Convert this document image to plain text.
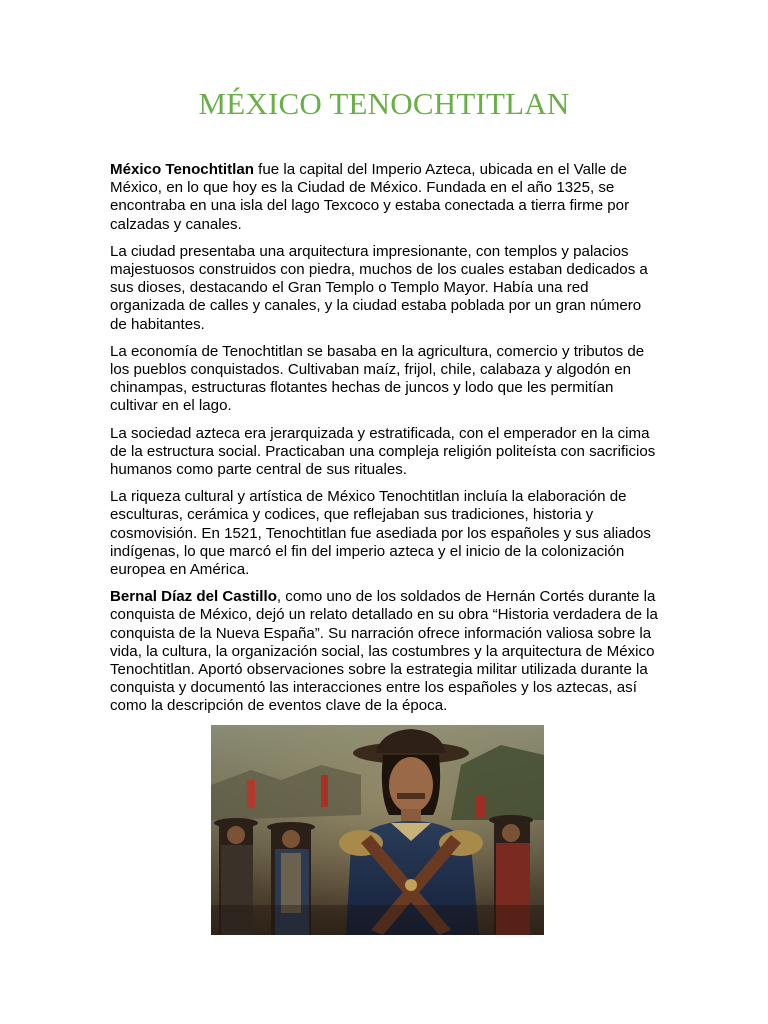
MÉXICO TENOCHTITLAN

México Tenochtitlan fue la capital del Imperio Azteca, ubicada en el Valle de México, en lo que hoy es la Ciudad de México. Fundada en el año 1325, se encontraba en una isla del lago Texcoco y estaba conectada a tierra firme por calzadas y canales.

La ciudad presentaba una arquitectura impresionante, con templos y palacios majestuosos construidos con piedra, muchos de los cuales estaban dedicados a sus dioses, destacando el Gran Templo o Templo Mayor. Había una red organizada de calles y canales, y la ciudad estaba poblada por un gran número de habitantes.

La economía de Tenochtitlan se basaba en la agricultura, comercio y tributos de los pueblos conquistados. Cultivaban maíz, frijol, chile, calabaza y algodón en chinampas, estructuras flotantes hechas de juncos y lodo que les permitían cultivar en el lago.

La sociedad azteca era jerarquizada y estratificada, con el emperador en la cima de la estructura social. Practicaban una compleja religión politeísta con sacrificios humanos como parte central de sus rituales.

La riqueza cultural y artística de México Tenochtitlan incluía la elaboración de esculturas, cerámica y codices, que reflejaban sus tradiciones, historia y cosmovisión. En 1521, Tenochtitlan fue asediada por los españoles y sus aliados indígenas, lo que marcó el fin del imperio azteca y el inicio de la colonización europea en América.

Bernal Díaz del Castillo, como uno de los soldados de Hernán Cortés durante la conquista de México, dejó un relato detallado en su obra “Historia verdadera de la conquista de la Nueva España”. Su narración ofrece información valiosa sobre la vida, la cultura, la organización social, las costumbres y la arquitectura de México Tenochtitlan. Aportó observaciones sobre la estrategia militar utilizada durante la conquista y documentó las interacciones entre los españoles y los aztecas, así como la descripción de eventos clave de la época.
